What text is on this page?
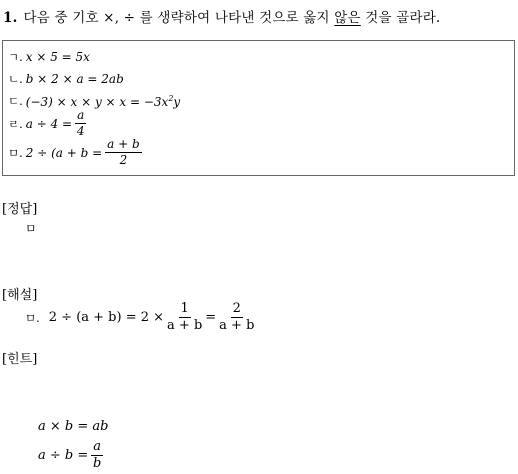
1. 다음 중 기호 ×, ÷ 를 생략하여 나타낸 것으로 옳지 않은 것을 골라라.
ㄱ. x × 5 = 5x
ㄴ. b × 2 × a = 2ab
ㄷ. $(-3) \times x \times y \times x = -3x^2y$
ㄹ. $a \div 4 = \frac{a}{4}$
ㅁ. $2 \div (a + b = \frac{a + b}{2}$
[정답]
ㅁ
[해설]
ㅁ. $2 \div (a + b) = 2 \times \frac{1}{a + b} = \frac{2}{a + b}$
[힌트]
a × b = ab
$a \div b = \frac{a}{b}$
